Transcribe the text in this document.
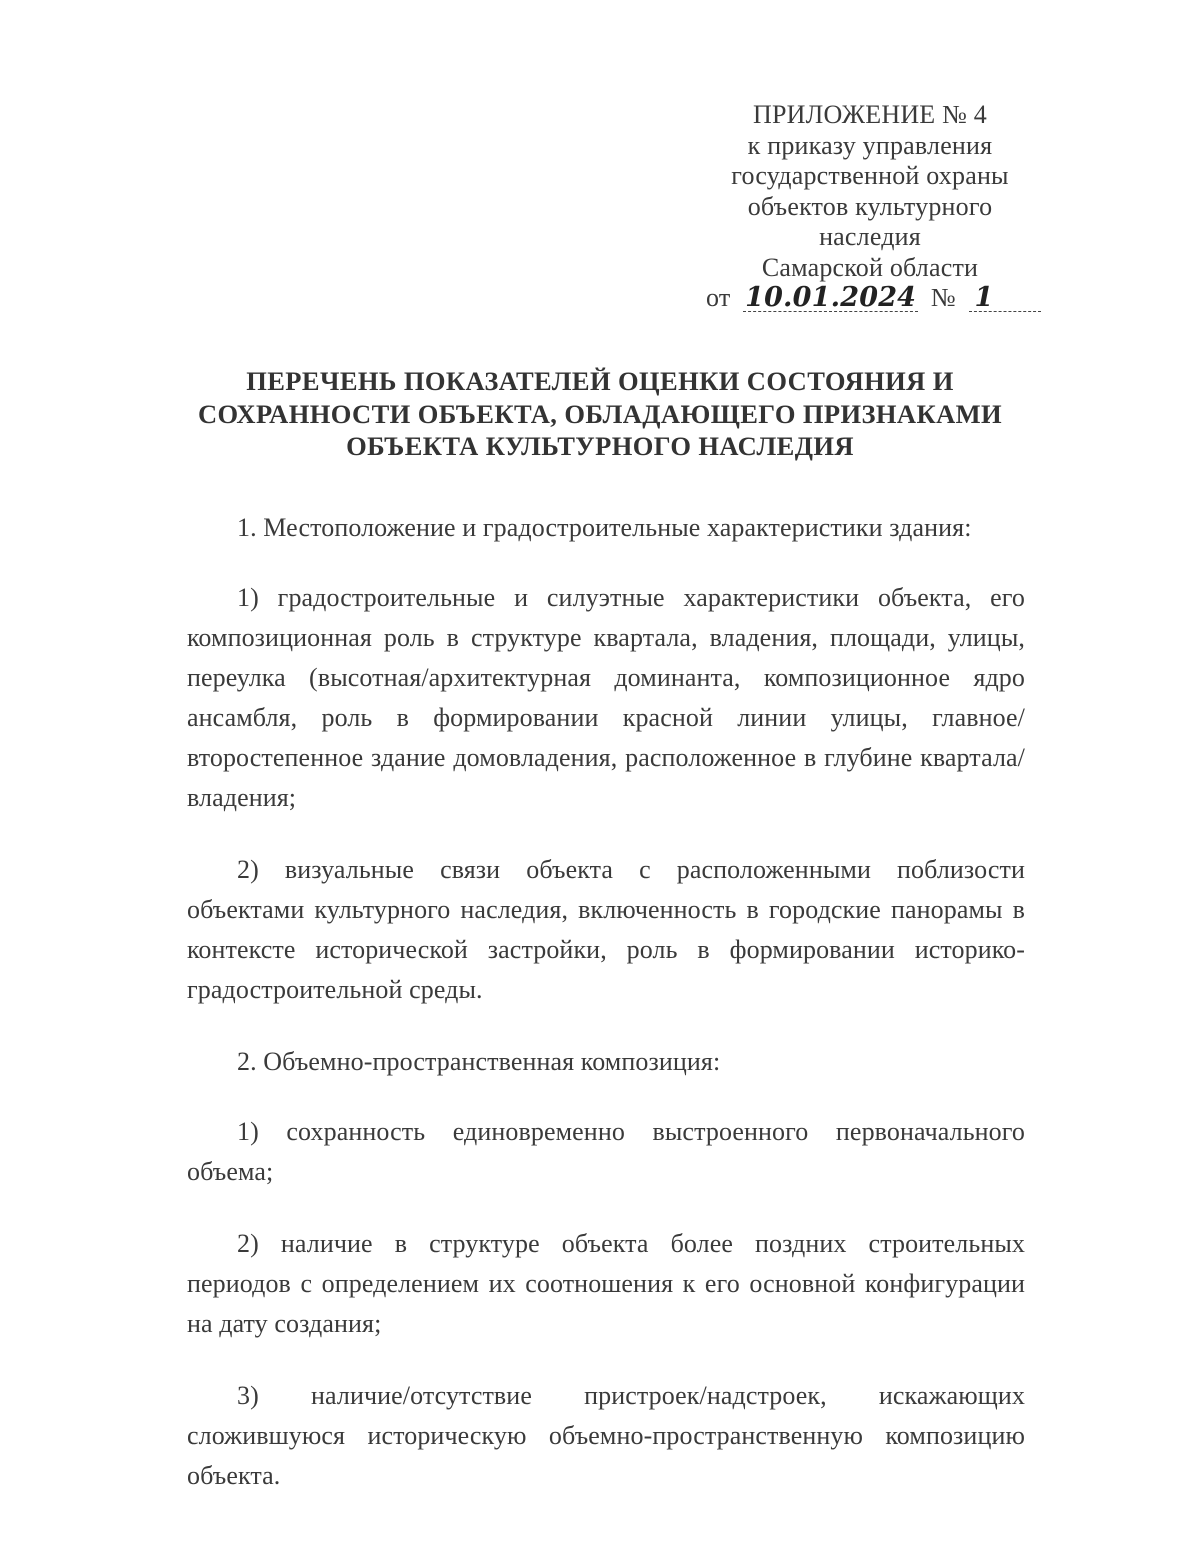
ПРИЛОЖЕНИЕ № 4
к приказу управления
государственной охраны
объектов культурного
наследия
Самарской области
от 10.01.2024 № 1
ПЕРЕЧЕНЬ ПОКАЗАТЕЛЕЙ ОЦЕНКИ СОСТОЯНИЯ И
СОХРАННОСТИ ОБЪЕКТА, ОБЛАДАЮЩЕГО ПРИЗНАКАМИ
ОБЪЕКТА КУЛЬТУРНОГО НАСЛЕДИЯ

1. Местоположение и градостроительные характеристики здания:

1) градостроительные и силуэтные характеристики объекта, его композиционная роль в структуре квартала, владения, площади, улицы, переулка (высотная/архитектурная доминанта, композиционное ядро ансамбля, роль в формировании красной линии улицы, главное/второстепенное здание домовладения, расположенное в глубине квартала/владения;

2) визуальные связи объекта с расположенными поблизости объектами культурного наследия, включенность в городские панорамы в контексте исторической застройки, роль в формировании историко-градостроительной среды.

2. Объемно-пространственная композиция:

1) сохранность единовременно выстроенного первоначального объема;

2) наличие в структуре объекта более поздних строительных периодов с определением их соотношения к его основной конфигурации на дату создания;

3) наличие/отсутствие пристроек/надстроек, искажающих сложившуюся историческую объемно-пространственную композицию объекта.
